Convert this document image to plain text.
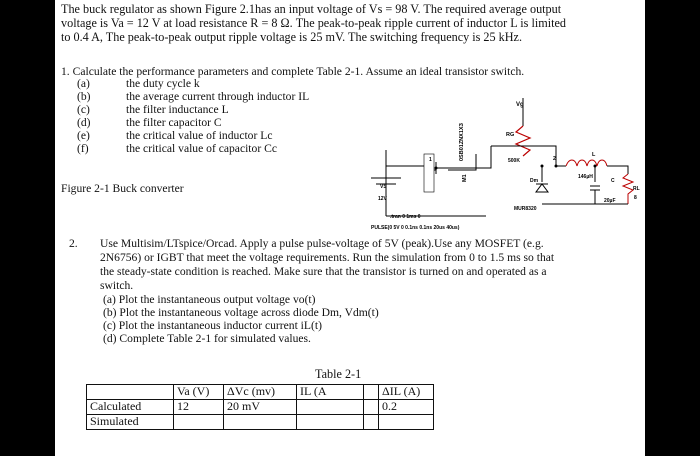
The buck regulator as shown Figure 2.1has an input voltage of Vs = 98 V. The required average output
voltage is Va = 12 V at load resistance R = 8 Ω. The peak-to-peak ripple current of inductor L is limited
to 0.4 A, The peak-to-peak output ripple voltage is 25 mV. The switching frequency is 25 kHz.
1. Calculate the performance parameters and complete Table 2-1. Assume an ideal transistor switch.
(a)	the duty cycle k
(b)	the average current through inductor IL
(c)	the filter inductance L
(d)	the filter capacitor C
(e)	the critical value of inductor Lc
(f)	the critical value of capacitor Cc
Figure 2-1 Buck converter
Vg
RG
500K
0SB01ZNX1XЗ
M1
1	2
L
146µH
Dm	C
20µF
RL
8
VS
12V
MUR8320
.tran 0 1ms 0
PULSE(0 5V 0 0.1ns 0.1ns 20us 40us)
2. Use Multisim/LTspice/Orcad. Apply a pulse pulse-voltage of 5V (peak).Use any MOSFET (e.g.
2N6756) or IGBT that meet the voltage requirements. Run the simulation from 0 to 1.5 ms so that
the steady-state condition is reached. Make sure that the transistor is turned on and operated as a
switch.
(a) Plot the instantaneous output voltage vo(t)
(b) Plot the instantaneous voltage across diode Dm, Vdm(t)
(c) Plot the instantaneous inductor current iL(t)
(d) Complete Table 2-1 for simulated values.
Table 2-1
	Va (V)	ΔVc (mv)	IL (A		ΔIL (A)
Calculated	12	20 mV			0.2
Simulated					
